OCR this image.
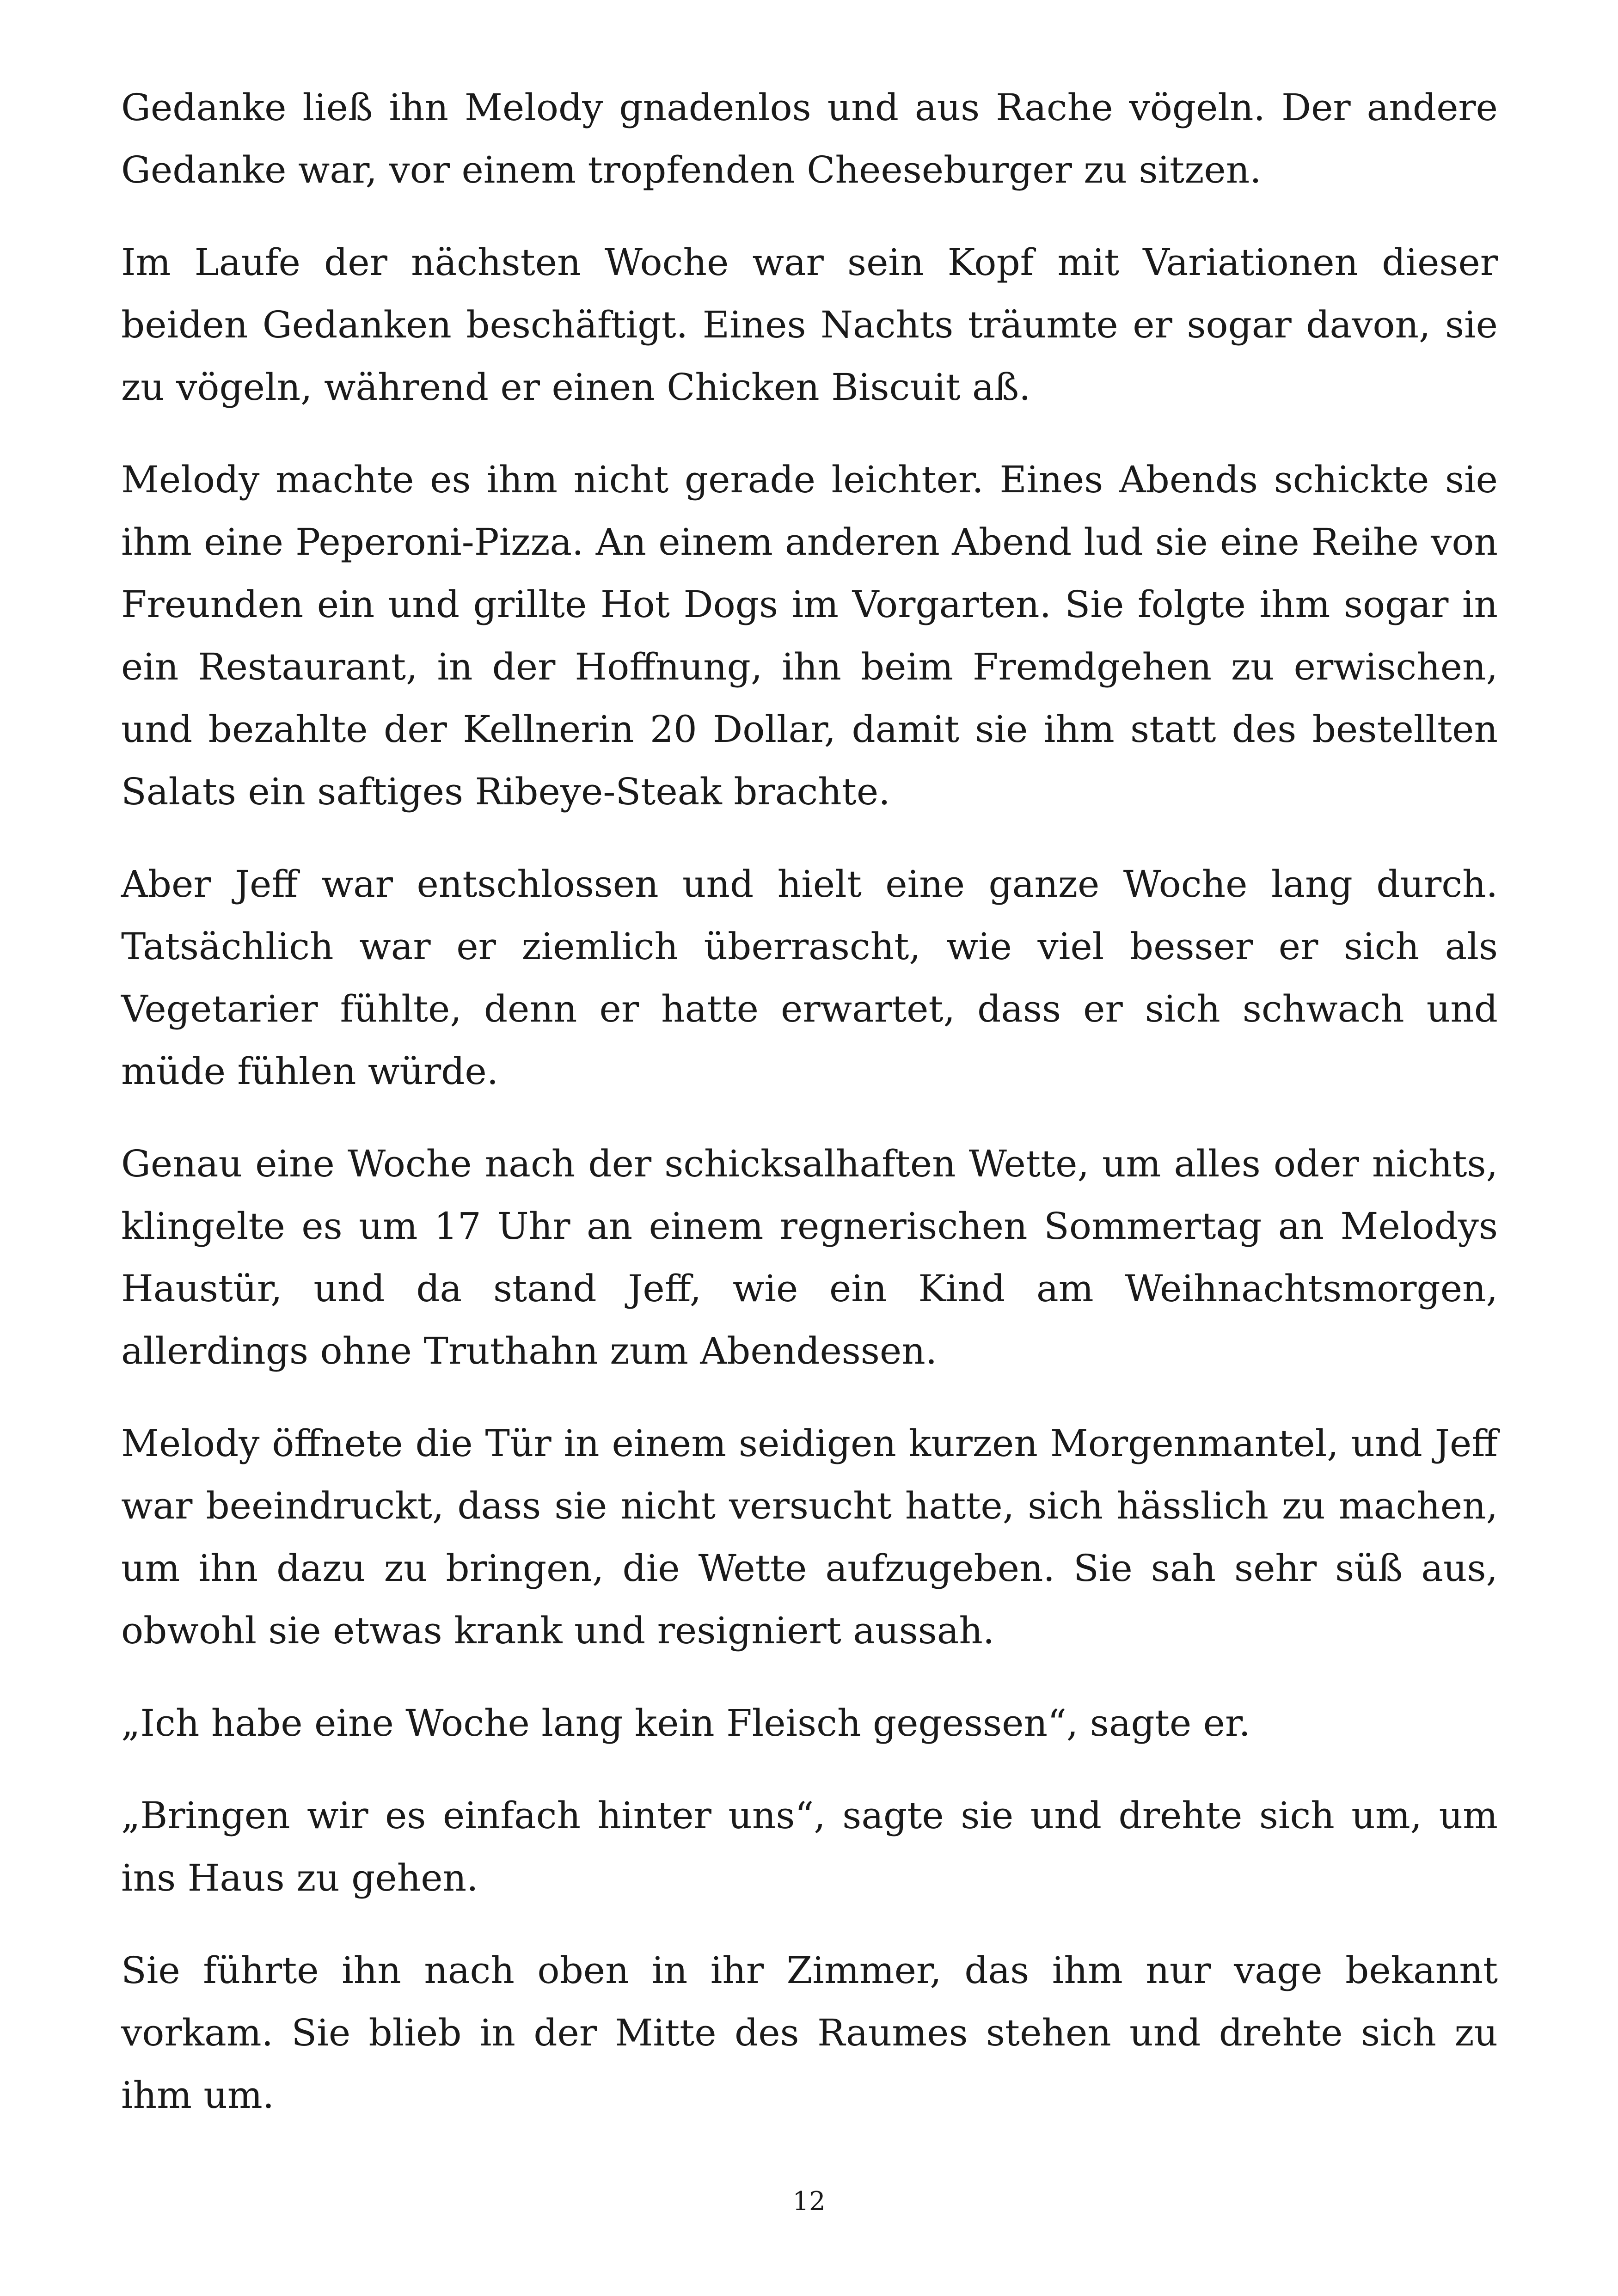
Gedanke ließ ihn Melody gnadenlos und aus Rache vögeln. Der andere Gedanke war, vor einem tropfenden Cheeseburger zu sitzen.

Im Laufe der nächsten Woche war sein Kopf mit Variationen dieser beiden Gedanken beschäftigt. Eines Nachts träumte er sogar davon, sie zu vögeln, während er einen Chicken Biscuit aß.

Melody machte es ihm nicht gerade leichter. Eines Abends schickte sie ihm eine Peperoni-Pizza. An einem anderen Abend lud sie eine Reihe von Freunden ein und grillte Hot Dogs im Vorgarten. Sie folgte ihm sogar in ein Restaurant, in der Hoffnung, ihn beim Fremdgehen zu erwischen, und bezahlte der Kellnerin 20 Dollar, damit sie ihm statt des bestellten Salats ein saftiges Ribeye-Steak brachte.

Aber Jeff war entschlossen und hielt eine ganze Woche lang durch. Tatsächlich war er ziemlich überrascht, wie viel besser er sich als Vegetarier fühlte, denn er hatte erwartet, dass er sich schwach und müde fühlen würde.

Genau eine Woche nach der schicksalhaften Wette, um alles oder nichts, klingelte es um 17 Uhr an einem regnerischen Sommertag an Melodys Haustür, und da stand Jeff, wie ein Kind am Weihnachtsmorgen, allerdings ohne Truthahn zum Abendessen.

Melody öffnete die Tür in einem seidigen kurzen Morgenmantel, und Jeff war beeindruckt, dass sie nicht versucht hatte, sich hässlich zu machen, um ihn dazu zu bringen, die Wette aufzugeben. Sie sah sehr süß aus, obwohl sie etwas krank und resigniert aussah.

„Ich habe eine Woche lang kein Fleisch gegessen“, sagte er.

„Bringen wir es einfach hinter uns“, sagte sie und drehte sich um, um ins Haus zu gehen.

Sie führte ihn nach oben in ihr Zimmer, das ihm nur vage bekannt vorkam. Sie blieb in der Mitte des Raumes stehen und drehte sich zu ihm um.

12
